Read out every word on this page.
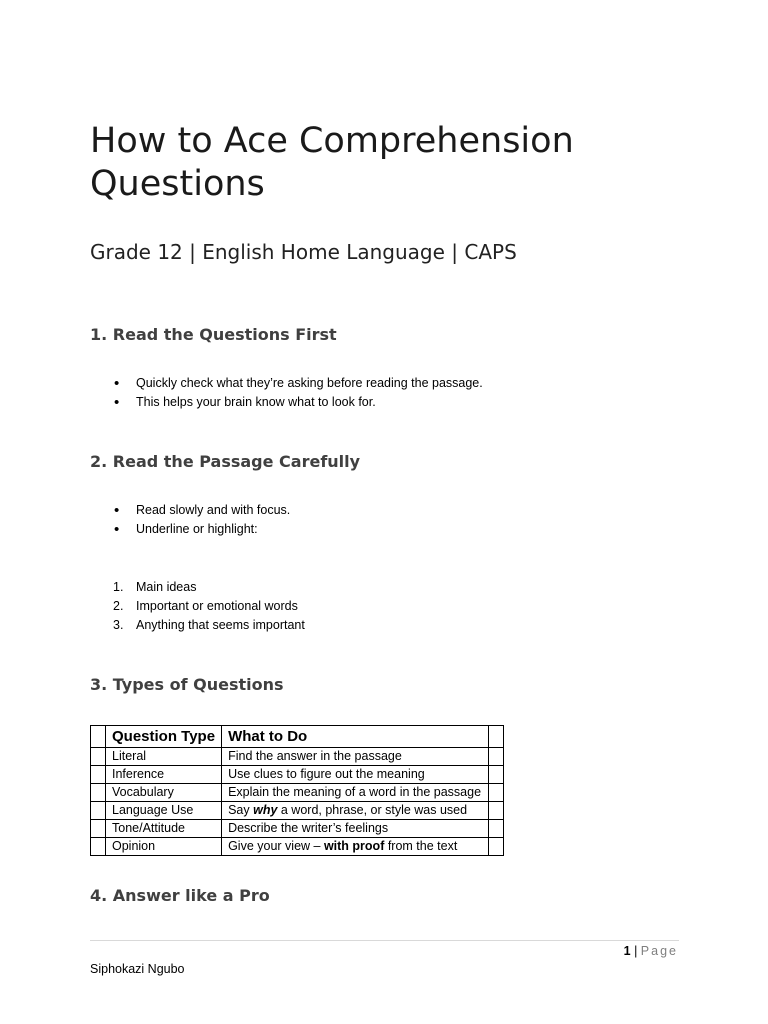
How to Ace Comprehension Questions
Grade 12 | English Home Language | CAPS
1. Read the Questions First
• Quickly check what they’re asking before reading the passage.
• This helps your brain know what to look for.
2. Read the Passage Carefully
• Read slowly and with focus.
• Underline or highlight:
1. Main ideas
2. Important or emotional words
3. Anything that seems important
3. Types of Questions
	Question Type	What to Do	
	Literal	Find the answer in the passage	
	Inference	Use clues to figure out the meaning	
	Vocabulary	Explain the meaning of a word in the passage	
	Language Use	Say why a word, phrase, or style was used	
	Tone/Attitude	Describe the writer’s feelings	
	Opinion	Give your view – with proof from the text	
4. Answer like a Pro
1 | Page
Siphokazi Ngubo
